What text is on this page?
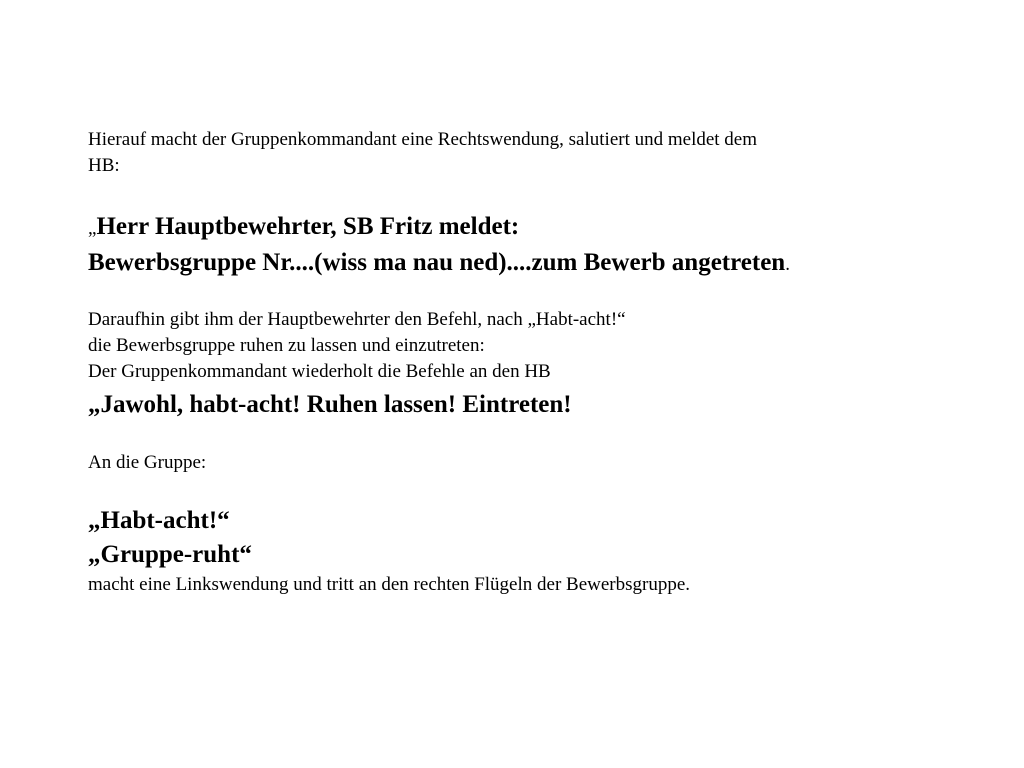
Hierauf macht der Gruppenkommandant eine Rechtswendung, salutiert und meldet dem
HB:

„Herr Hauptbewehrter, SB Fritz meldet:
Bewerbsgruppe Nr....(wiss ma nau ned)....zum Bewerb angetreten.

Daraufhin gibt ihm der Hauptbewehrter den Befehl, nach „Habt-acht!“
die Bewerbsgruppe ruhen zu lassen und einzutreten:
Der Gruppenkommandant wiederholt die Befehle an den HB

„Jawohl, habt-acht! Ruhen lassen! Eintreten!

An die Gruppe:

„Habt-acht!“
„Gruppe-ruht“

macht eine Linkswendung und tritt an den rechten Flügeln der Bewerbsgruppe.
